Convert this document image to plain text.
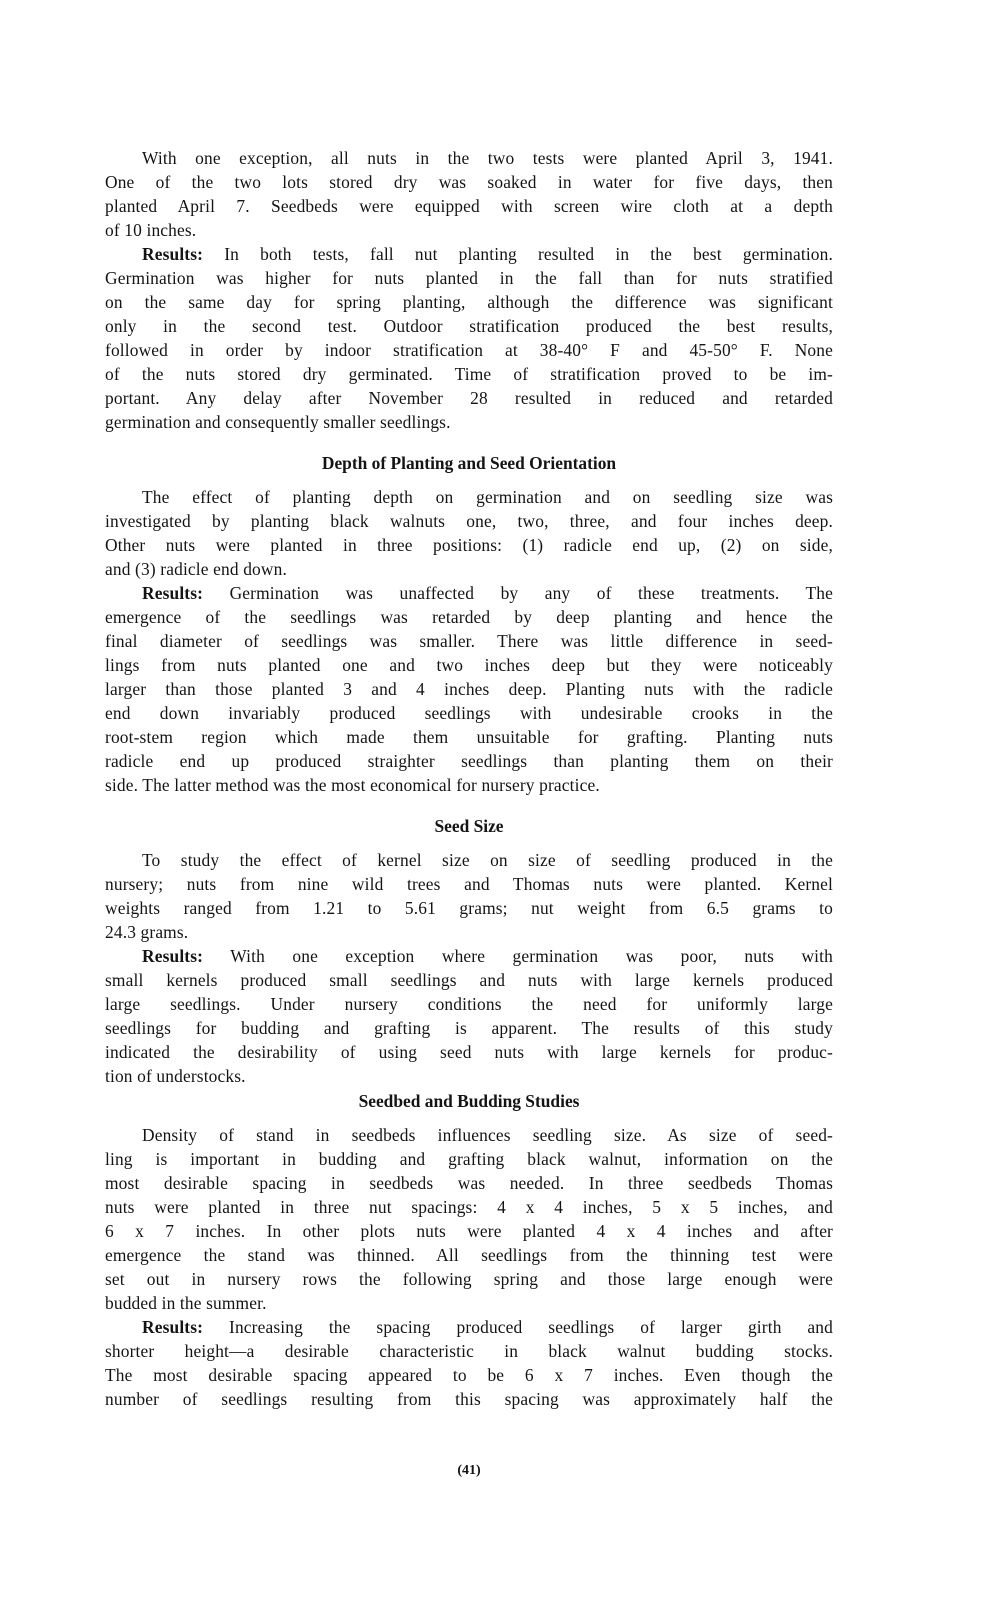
With one exception, all nuts in the two tests were planted April 3, 1941.
One of the two lots stored dry was soaked in water for five days, then
planted April 7. Seedbeds were equipped with screen wire cloth at a depth
of 10 inches.
Results: In both tests, fall nut planting resulted in the best germination.
Germination was higher for nuts planted in the fall than for nuts stratified
on the same day for spring planting, although the difference was significant
only in the second test. Outdoor stratification produced the best results,
followed in order by indoor stratification at 38-40° F and 45-50° F. None
of the nuts stored dry germinated. Time of stratification proved to be im-
portant. Any delay after November 28 resulted in reduced and retarded
germination and consequently smaller seedlings.
Depth of Planting and Seed Orientation
The effect of planting depth on germination and on seedling size was
investigated by planting black walnuts one, two, three, and four inches deep.
Other nuts were planted in three positions: (1) radicle end up, (2) on side,
and (3) radicle end down.
Results: Germination was unaffected by any of these treatments. The
emergence of the seedlings was retarded by deep planting and hence the
final diameter of seedlings was smaller. There was little difference in seed-
lings from nuts planted one and two inches deep but they were noticeably
larger than those planted 3 and 4 inches deep. Planting nuts with the radicle
end down invariably produced seedlings with undesirable crooks in the
root-stem region which made them unsuitable for grafting. Planting nuts
radicle end up produced straighter seedlings than planting them on their
side. The latter method was the most economical for nursery practice.
Seed Size
To study the effect of kernel size on size of seedling produced in the
nursery; nuts from nine wild trees and Thomas nuts were planted. Kernel
weights ranged from 1.21 to 5.61 grams; nut weight from 6.5 grams to
24.3 grams.
Results: With one exception where germination was poor, nuts with
small kernels produced small seedlings and nuts with large kernels produced
large seedlings. Under nursery conditions the need for uniformly large
seedlings for budding and grafting is apparent. The results of this study
indicated the desirability of using seed nuts with large kernels for produc-
tion of understocks.
Seedbed and Budding Studies
Density of stand in seedbeds influences seedling size. As size of seed-
ling is important in budding and grafting black walnut, information on the
most desirable spacing in seedbeds was needed. In three seedbeds Thomas
nuts were planted in three nut spacings: 4 x 4 inches, 5 x 5 inches, and
6 x 7 inches. In other plots nuts were planted 4 x 4 inches and after
emergence the stand was thinned. All seedlings from the thinning test were
set out in nursery rows the following spring and those large enough were
budded in the summer.
Results: Increasing the spacing produced seedlings of larger girth and
shorter height—a desirable characteristic in black walnut budding stocks.
The most desirable spacing appeared to be 6 x 7 inches. Even though the
number of seedlings resulting from this spacing was approximately half the
(41)
